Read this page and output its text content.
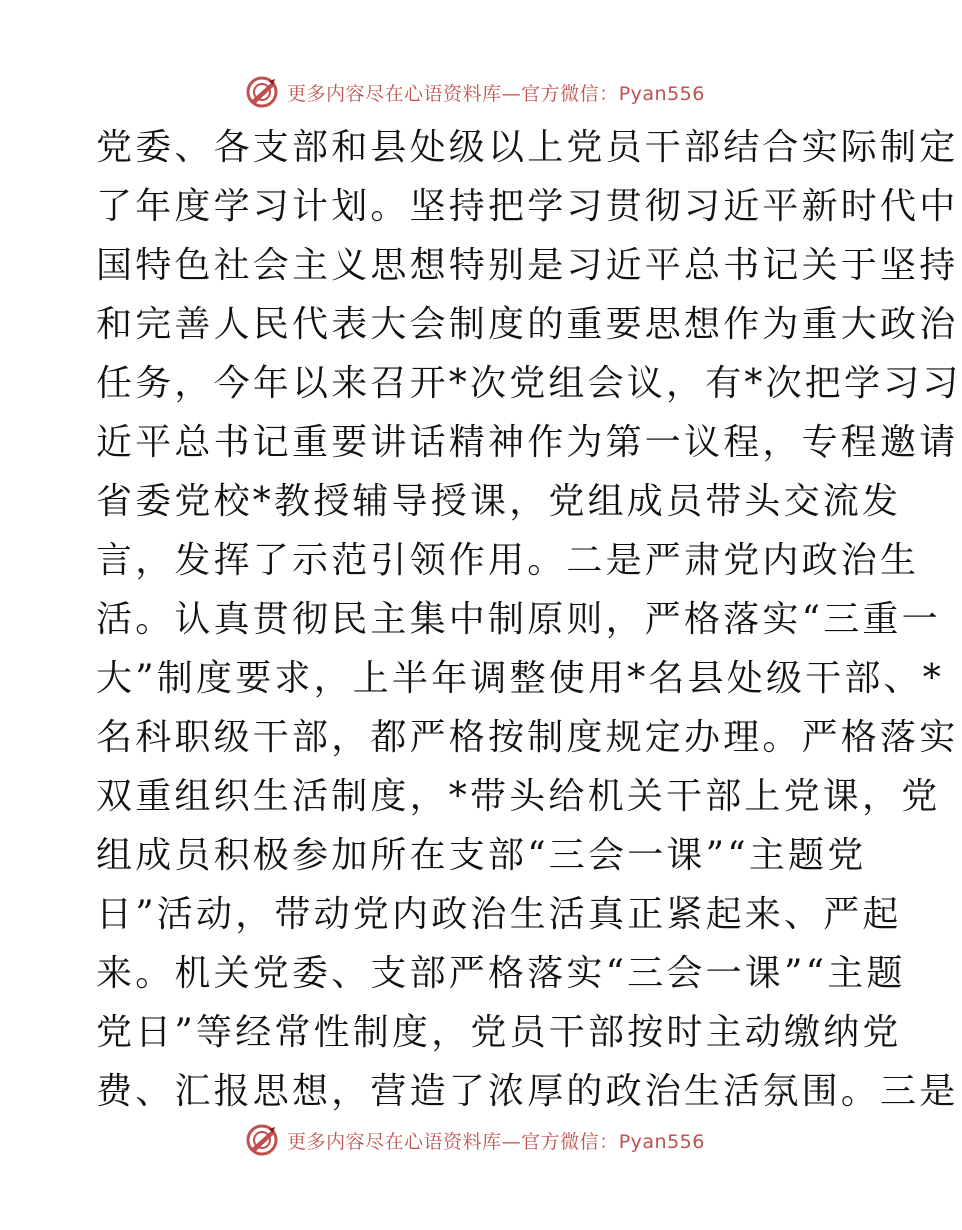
更多内容尽在心语资料库—官方微信：Pyan556
党委、各支部和县处级以上党员干部结合实际制定
了年度学习计划。坚持把学习贯彻习近平新时代中
国特色社会主义思想特别是习近平总书记关于坚持
和完善人民代表大会制度的重要思想作为重大政治
任务，今年以来召开*次党组会议，有*次把学习习
近平总书记重要讲话精神作为第一议程，专程邀请
省委党校*教授辅导授课，党组成员带头交流发
言，发挥了示范引领作用。二是严肃党内政治生
活。认真贯彻民主集中制原则，严格落实“三重一
大”制度要求，上半年调整使用*名县处级干部、*
名科职级干部，都严格按制度规定办理。严格落实
双重组织生活制度，*带头给机关干部上党课，党
组成员积极参加所在支部“三会一课”“主题党
日”活动，带动党内政治生活真正紧起来、严起
来。机关党委、支部严格落实“三会一课”“主题
党日”等经常性制度，党员干部按时主动缴纳党
费、汇报思想，营造了浓厚的政治生活氛围。三是
更多内容尽在心语资料库—官方微信：Pyan556
